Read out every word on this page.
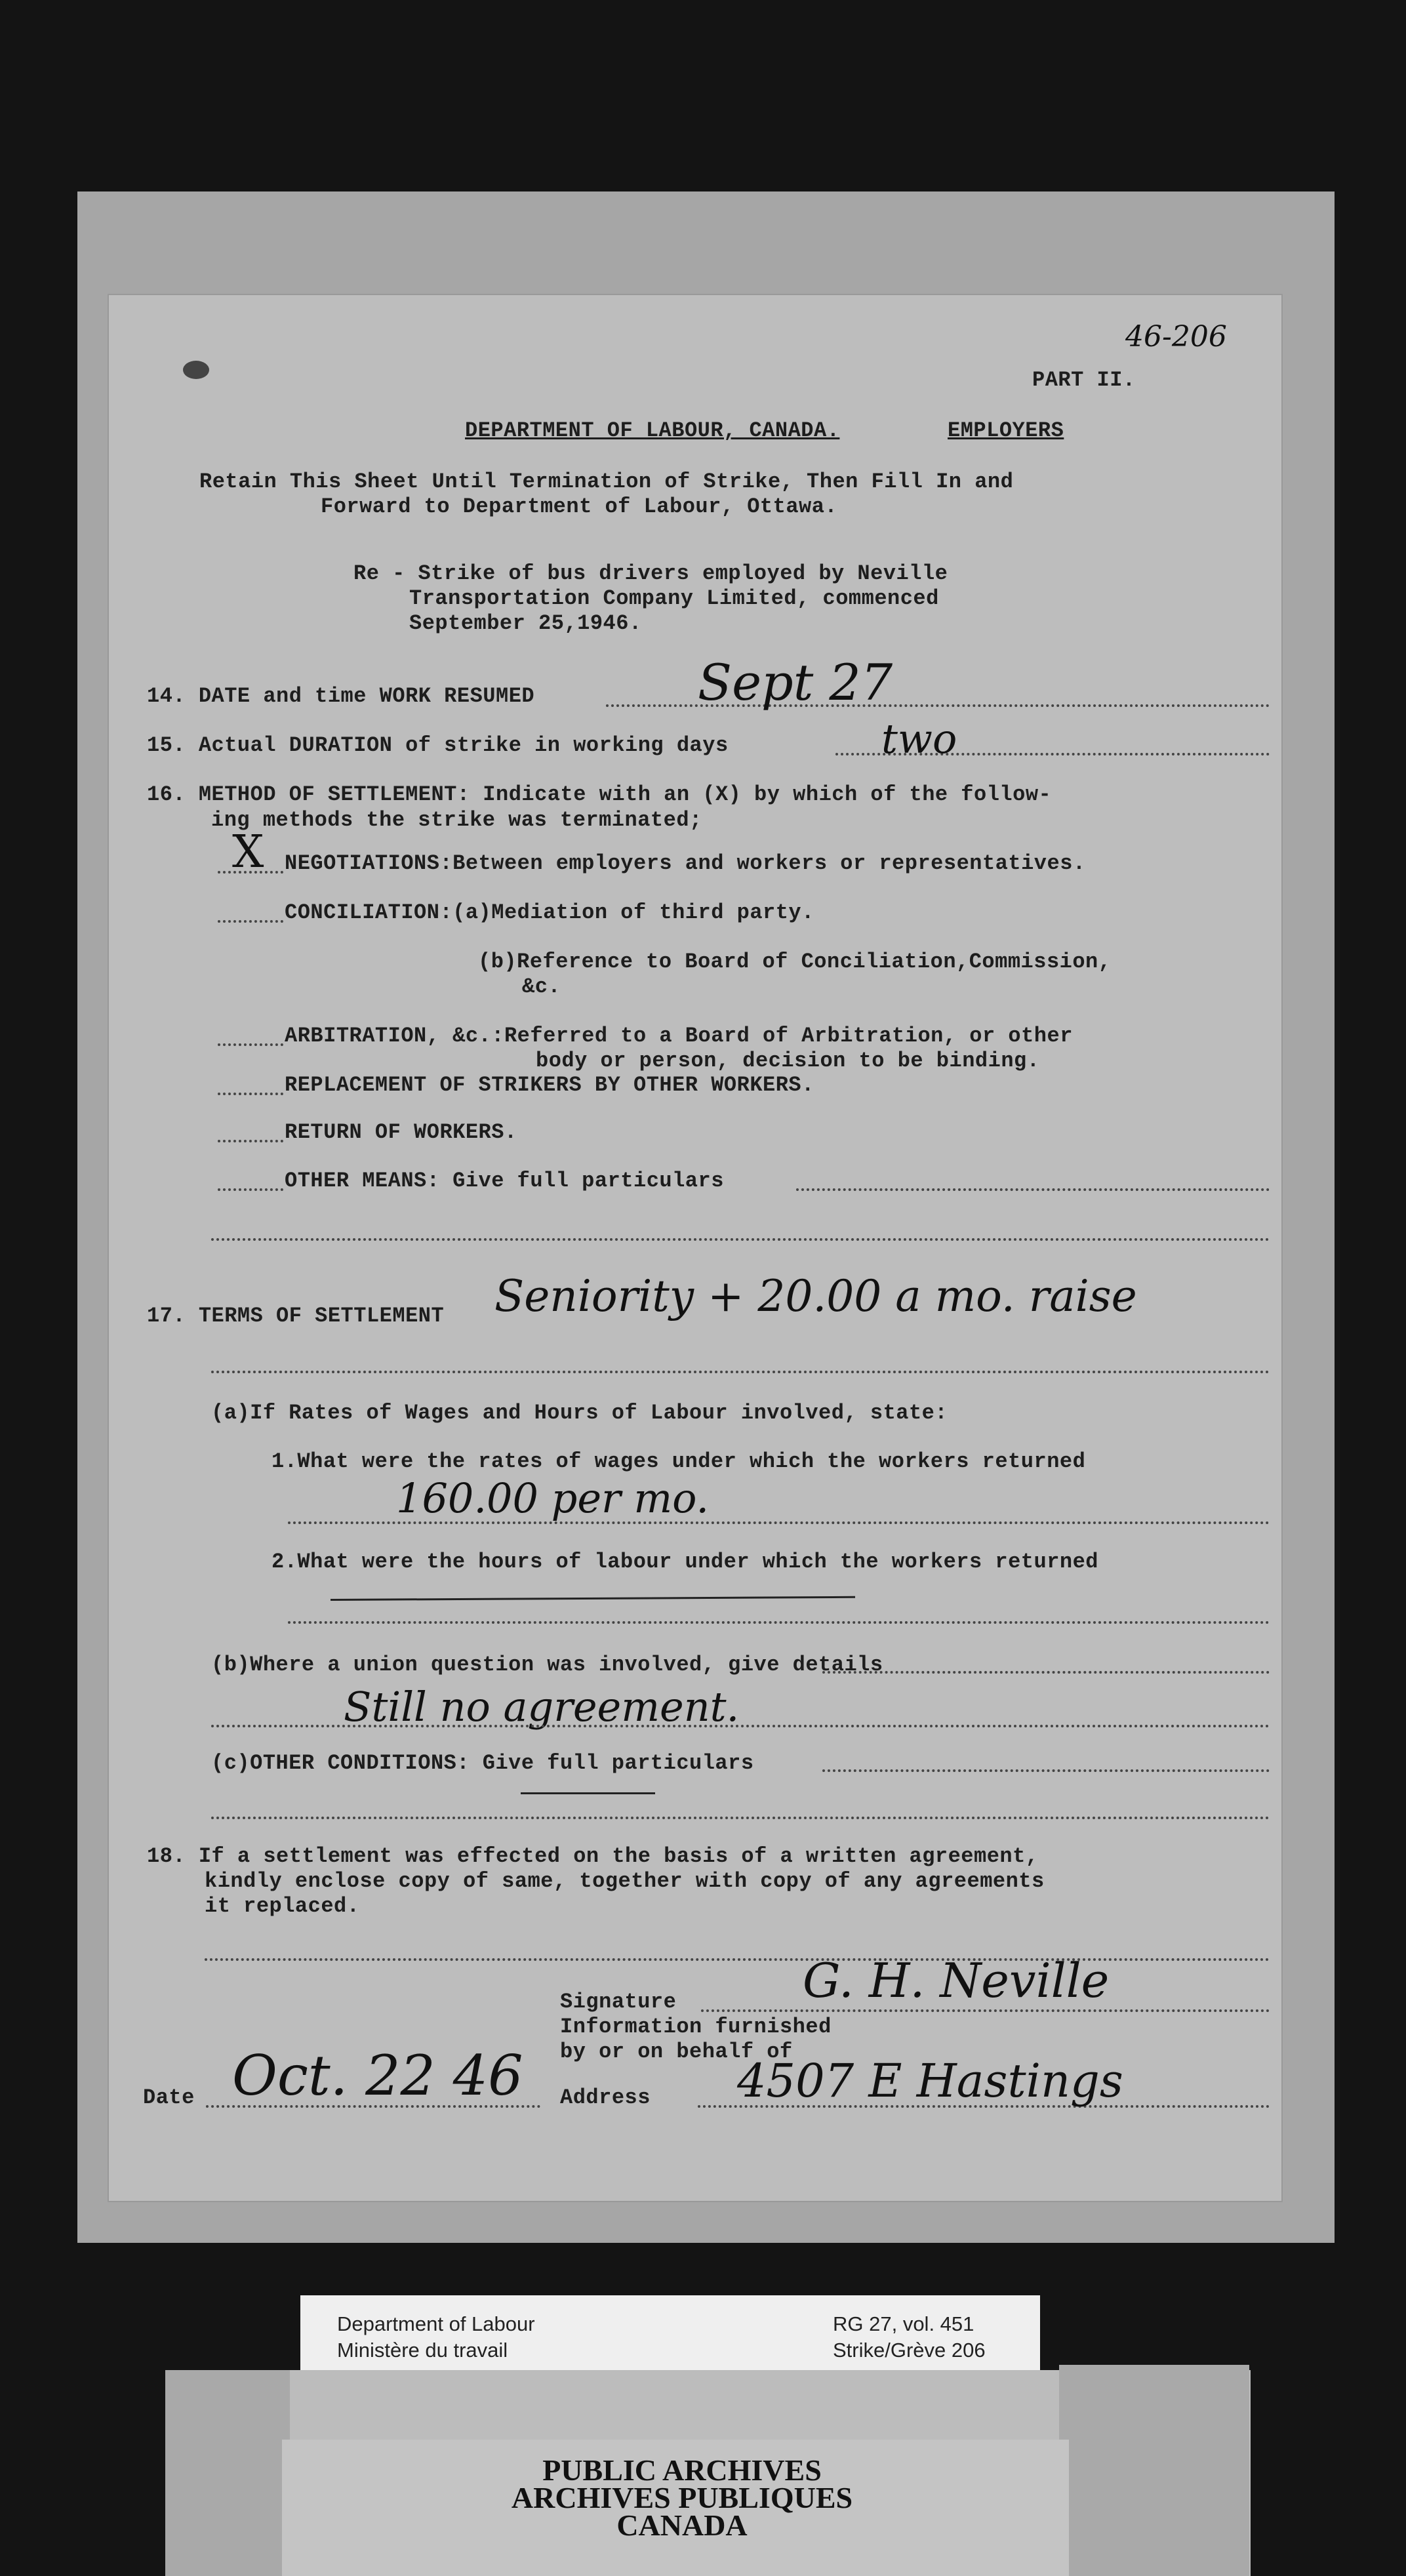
46-206
PART II.
DEPARTMENT OF LABOUR, CANADA.	EMPLOYERS
Retain This Sheet Until Termination of Strike, Then Fill In and
Forward to Department of Labour, Ottawa.
Re - Strike of bus drivers employed by Neville
Transportation Company Limited, commenced
September 25,1946.
14. DATE and time WORK RESUMED	Sept 27
15. Actual DURATION of strike in working days	two
16. METHOD OF SETTLEMENT: Indicate with an (X) by which of the follow-
ing methods the strike was terminated;
X NEGOTIATIONS:Between employers and workers or representatives.
CONCILIATION:(a)Mediation of third party.
(b)Reference to Board of Conciliation,Commission,
&c.
ARBITRATION, &c.:Referred to a Board of Arbitration, or other
body or person, decision to be binding.
REPLACEMENT OF STRIKERS BY OTHER WORKERS.
RETURN OF WORKERS.
OTHER MEANS: Give full particulars
17. TERMS OF SETTLEMENT Seniority + 20.00 a mo. raise
(a)If Rates of Wages and Hours of Labour involved, state:
1.What were the rates of wages under which the workers returned
160.00 per mo.
2.What were the hours of labour under which the workers returned
(b)Where a union question was involved, give details
Still no agreement.
(c)OTHER CONDITIONS: Give full particulars
18. If a settlement was effected on the basis of a written agreement,
kindly enclose copy of same, together with copy of any agreements
it replaced.
Signature	G. H. Neville
Information furnished
by or on behalf of
Date Oct. 22 46 Address 4507 E Hastings
Department of Labour
Ministère du travail
RG 27, vol. 451
Strike/Grève 206
PUBLIC ARCHIVES
ARCHIVES PUBLIQUES
CANADA
